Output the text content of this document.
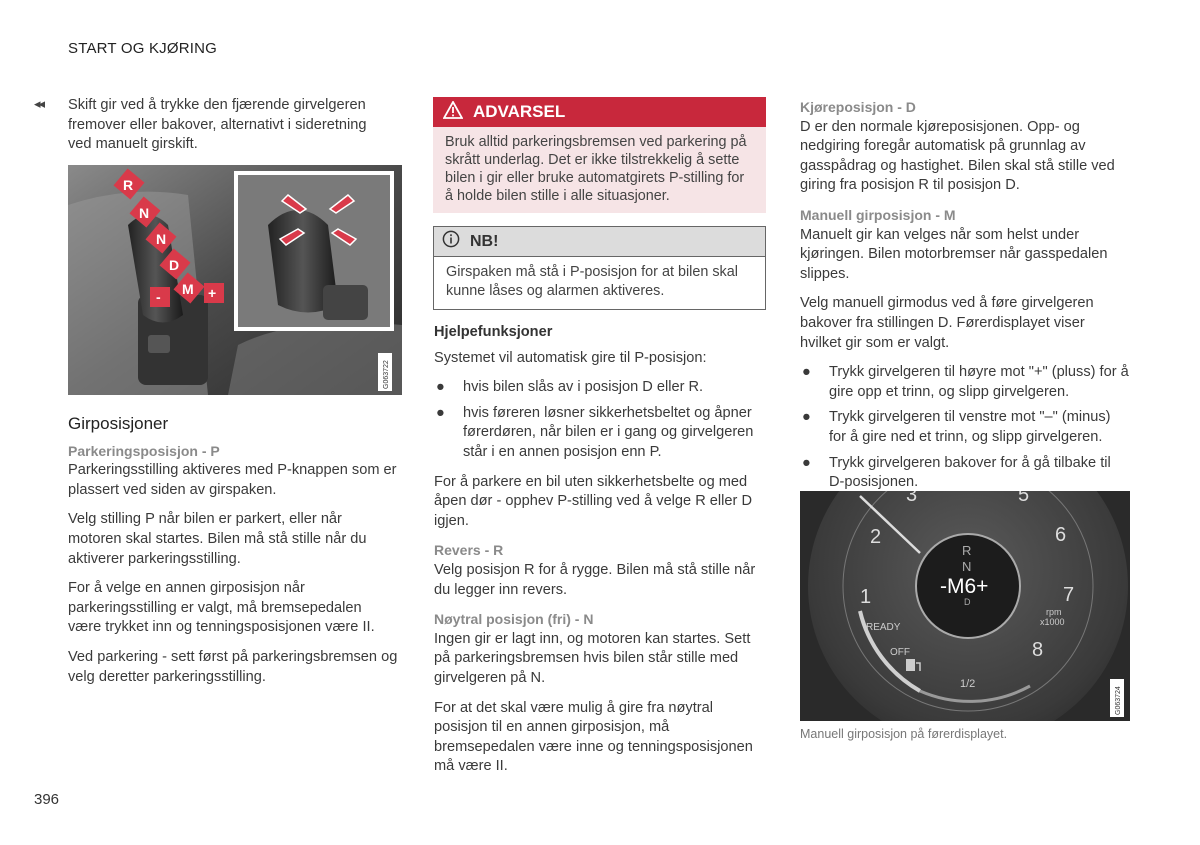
START OG KJØRING
◂◂ Skift gir ved å trykke den fjærende girvelgeren fremover eller bakover, alternativt i sideretning ved manuelt girskift.
R
N
N
D
M
-	+
G063722
Girposisjoner
Parkeringsposisjon - P

Parkeringsstilling aktiveres med P-knappen som er plassert ved siden av girspaken.

Velg stilling P når bilen er parkert, eller når motoren skal startes. Bilen må stå stille når du aktiverer parkeringsstilling.

For å velge en annen girposisjon når parkeringsstilling er valgt, må bremsepedalen være trykket inn og tenningsposisjonen være II.

Ved parkering - sett først på parkeringsbremsen og velg deretter parkeringsstilling.

ADVARSEL
Bruk alltid parkeringsbremsen ved parkering på skrått underlag. Det er ikke tilstrekkelig å sette bilen i gir eller bruke automatgirets P-stilling for å holde bilen stille i alle situasjoner.
NB!
Girspaken må stå i P-posisjon for at bilen skal kunne låses og alarmen aktiveres.
Hjelpefunksjoner

Systemet vil automatisk gire til P-posisjon:

● hvis bilen slås av i posisjon D eller R.
● hvis føreren løsner sikkerhetsbeltet og åpner førerdøren, når bilen er i gang og girvelgeren står i en annen posisjon enn P.

For å parkere en bil uten sikkerhetsbelte og med åpen dør - opphev P-stilling ved å velge R eller D igjen.

Revers - R

Velg posisjon R for å rygge. Bilen må stå stille når du legger inn revers.

Nøytral posisjon (fri) - N

Ingen gir er lagt inn, og motoren kan startes. Sett på parkeringsbremsen hvis bilen står stille med girvelgeren på N.

For at det skal være mulig å gire fra nøytral posisjon til en annen girposisjon, må bremsepedalen være inne og tenningsposisjonen må være II.

Kjøreposisjon - D

D er den normale kjøreposisjonen. Opp- og nedgiring foregår automatisk på grunnlag av gasspådrag og hastighet. Bilen skal stå stille ved giring fra posisjon R til posisjon D.

Manuell girposisjon - M

Manuelt gir kan velges når som helst under kjøringen. Bilen motorbremser når gasspedalen slippes.

Velg manuell girmodus ved å føre girvelgeren bakover fra stillingen D. Førerdisplayet viser hvilket gir som er valgt.

● Trykk girvelgeren til høyre mot "+" (pluss) for å gire opp et trinn, og slipp girvelgeren.
● Trykk girvelgeren til venstre mot "–" (minus) for å gire ned et trinn, og slipp girvelgeren.
● Trykk girvelgeren bakover for å gå tilbake til D-posisjonen.
2
1
3	5
6
7
8
READY
OFF
rpm
x1000
1/2
R
N
-M6+
D
G063724
Manuell girposisjon på førerdisplayet.
396
